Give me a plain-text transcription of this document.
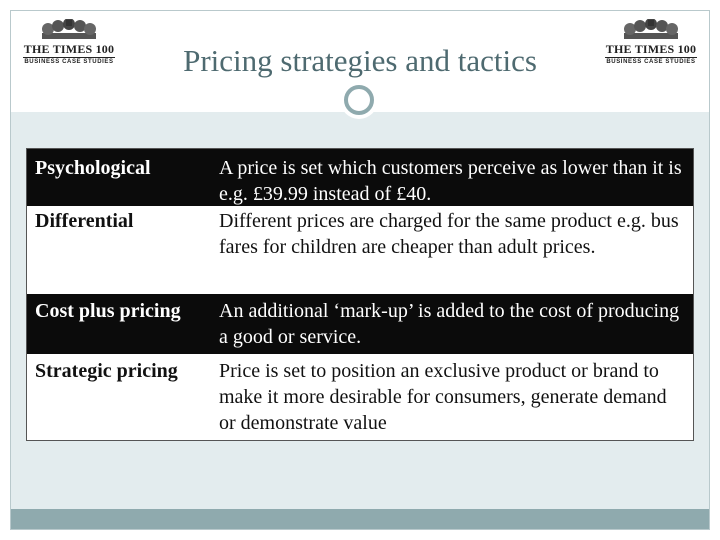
THE TIMES 100
BUSINESS CASE STUDIES	Pricing strategies and tactics	THE TIMES 100
BUSINESS CASE STUDIES
Psychological	A price is set which customers perceive as lower than it is e.g. £39.99 instead of £40.
Differential	Different prices are charged for the same product e.g. bus fares for children are cheaper than adult prices.
Cost plus pricing	An additional ‘mark-up’ is added to the cost of producing a good or service.
Strategic pricing	Price is set to position an exclusive product or brand to make it more desirable for consumers, generate demand or demonstrate value
